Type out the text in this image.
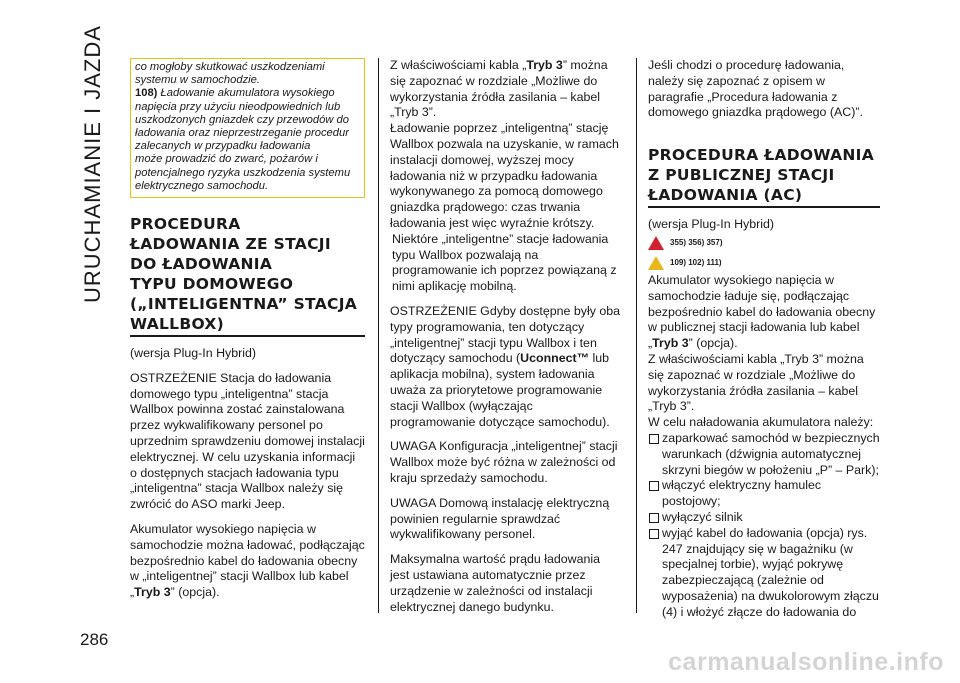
URUCHAMIANIE I JAZDA
286
co mogłoby skutkować uszkodzeniami
systemu w samochodzie.
108) Ładowanie akumulatora wysokiego
napięcia przy użyciu nieodpowiednich lub
uszkodzonych gniazdek czy przewodów do
ładowania oraz nieprzestrzeganie procedur
zalecanych w przypadku ładowania
może prowadzić do zwarć, pożarów i
potencjalnego ryzyka uszkodzenia systemu
elektrycznego samochodu.
PROCEDURA
ŁADOWANIA ZE STACJI
DO ŁADOWANIA
TYPU DOMOWEGO
(„INTELIGENTNA” STACJA
WALLBOX)

(wersja Plug-In Hybrid)

OSTRZEŻENIE Stacja do ładowania domowego typu „inteligentna” stacja Wallbox powinna zostać zainstalowana przez wykwalifikowany personel po uprzednim sprawdzeniu domowej instalacji elektrycznej. W celu uzyskania informacji o dostępnych stacjach ładowania typu „inteligentna” stacja Wallbox należy się zwrócić do ASO marki Jeep.

Akumulator wysokiego napięcia w samochodzie można ładować, podłączając bezpośrednio kabel do ładowania obecny w „inteligentnej” stacji Wallbox lub kabel „Tryb 3” (opcja).

Z właściwościami kabla „Tryb 3” można się zapoznać w rozdziale „Możliwe do wykorzystania źródła zasilania – kabel „Tryb 3”.

Ładowanie poprzez „inteligentną” stację Wallbox pozwala na uzyskanie, w ramach instalacji domowej, wyższej mocy ładowania niż w przypadku ładowania wykonywanego za pomocą domowego gniazdka prądowego: czas trwania ładowania jest więc wyraźnie krótszy.

Niektóre „inteligentne” stacje ładowania typu Wallbox pozwalają na programowanie ich poprzez powiązaną z nimi aplikację mobilną.

OSTRZEŻENIE Gdyby dostępne były oba typy programowania, ten dotyczący „inteligentnej” stacji typu Wallbox i ten dotyczący samochodu (Uconnect™ lub aplikacja mobilna), system ładowania uważa za priorytetowe programowanie stacji Wallbox (wyłączając programowanie dotyczące samochodu).

UWAGA Konfiguracja „inteligentnej” stacji Wallbox może być różna w zależności od kraju sprzedaży samochodu.

UWAGA Domową instalację elektryczną powinien regularnie sprawdzać wykwalifikowany personel.

Maksymalna wartość prądu ładowania jest ustawiana automatycznie przez urządzenie w zależności od instalacji elektrycznej danego budynku.

Jeśli chodzi o procedurę ładowania, należy się zapoznać z opisem w paragrafie „Procedura ładowania z domowego gniazdka prądowego (AC)”.

PROCEDURA ŁADOWANIA
Z PUBLICZNEJ STACJI
ŁADOWANIA (AC)

(wersja Plug-In Hybrid)

355) 356) 357)
109) 102) 111)

Akumulator wysokiego napięcia w samochodzie ładuje się, podłączając bezpośrednio kabel do ładowania obecny w publicznej stacji ładowania lub kabel „Tryb 3” (opcja).

Z właściwościami kabla „Tryb 3” można się zapoznać w rozdziale „Możliwe do wykorzystania źródła zasilania – kabel „Tryb 3”.

W celu naładowania akumulatora należy:

zaparkować samochód w bezpiecznych warunkach (dźwignia automatycznej skrzyni biegów w położeniu „P” – Park);
włączyć elektryczny hamulec postojowy;
wyłączyć silnik
wyjąć kabel do ładowania (opcja) rys. 247 znajdujący się w bagażniku (w specjalnej torbie), wyjąć pokrywę zabezpieczającą (zależnie od wyposażenia) na dwukolorowym złączu (4) i włożyć złącze do ładowania do
carmanualsonline.info
